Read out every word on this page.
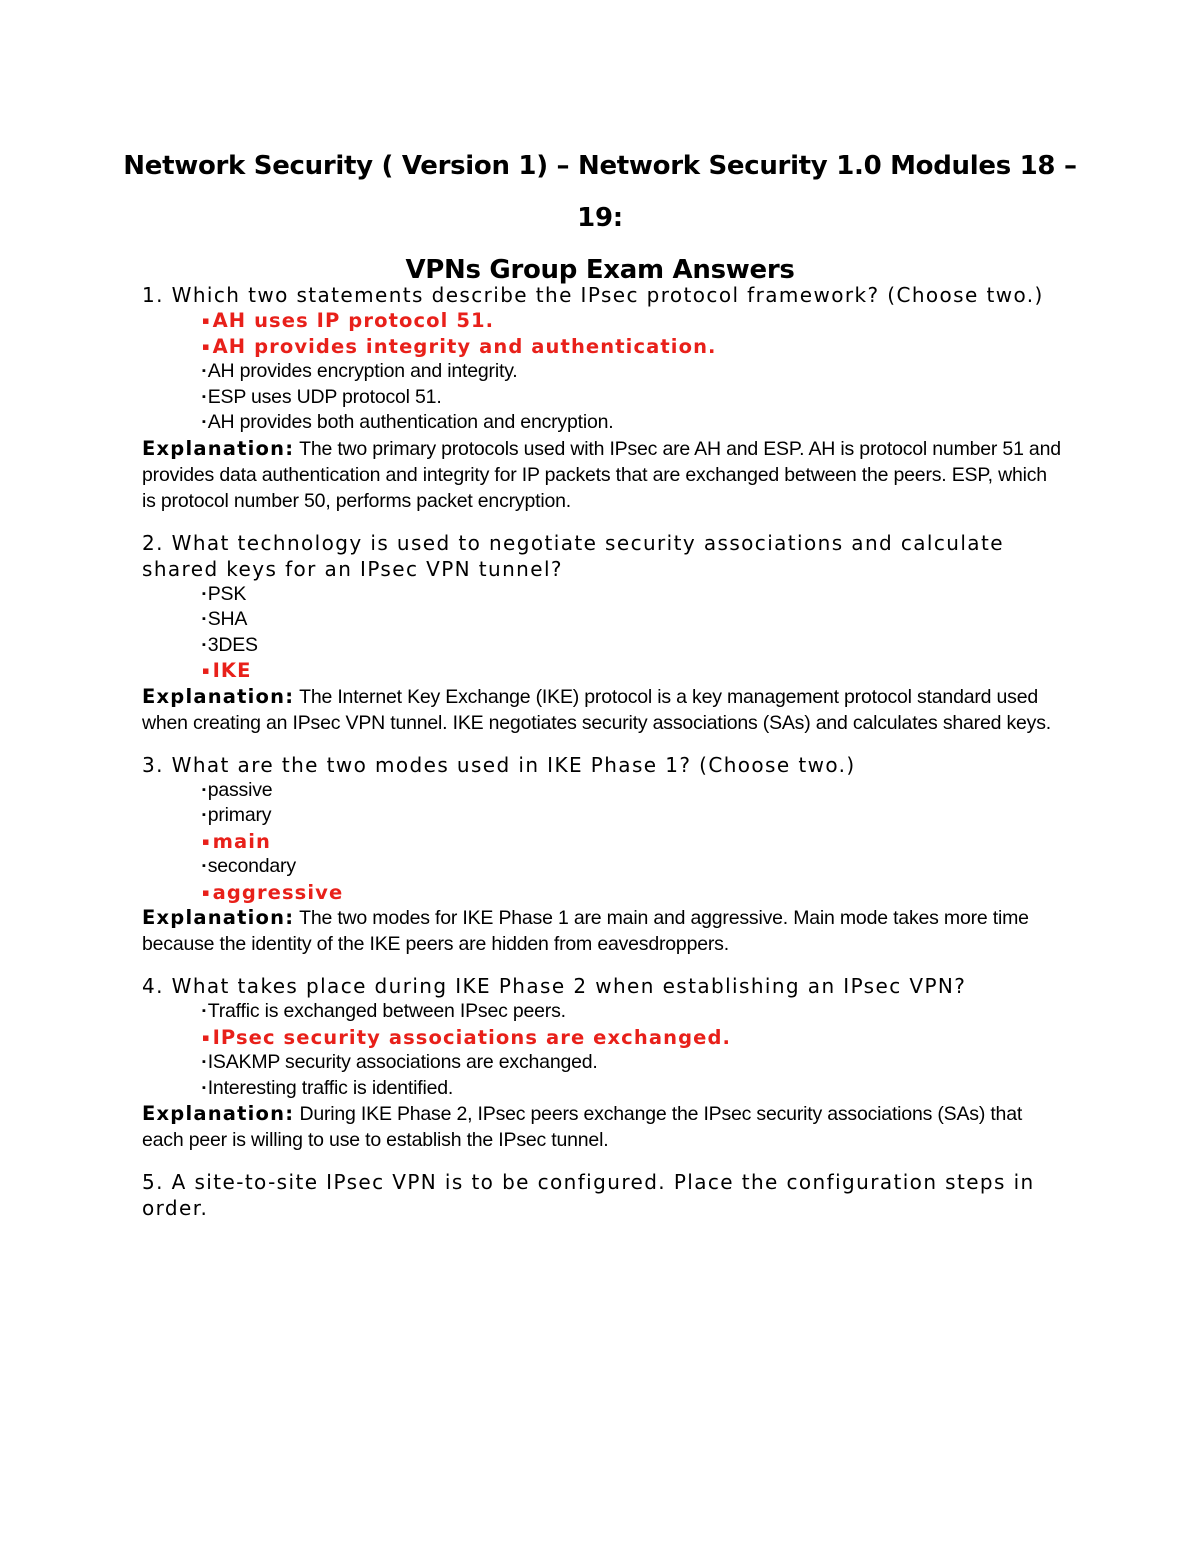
Network Security ( Version 1) – Network Security 1.0 Modules 18 – 19:
VPNs Group Exam Answers

1. Which two statements describe the IPsec protocol framework? (Choose two.)

▪ AH uses IP protocol 51.
▪ AH provides integrity and authentication.
▪ AH provides encryption and integrity.
▪ ESP uses UDP protocol 51.
▪ AH provides both authentication and encryption.

Explanation: The two primary protocols used with IPsec are AH and ESP. AH is protocol number 51 and provides data authentication and integrity for IP packets that are exchanged between the peers. ESP, which is protocol number 50, performs packet encryption.

2. What technology is used to negotiate security associations and calculate shared keys for an IPsec VPN tunnel?

▪ PSK
▪ SHA
▪ 3DES
▪ IKE

Explanation: The Internet Key Exchange (IKE) protocol is a key management protocol standard used when creating an IPsec VPN tunnel. IKE negotiates security associations (SAs) and calculates shared keys.

3. What are the two modes used in IKE Phase 1? (Choose two.)

▪ passive
▪ primary
▪ main
▪ secondary
▪ aggressive

Explanation: The two modes for IKE Phase 1 are main and aggressive. Main mode takes more time because the identity of the IKE peers are hidden from eavesdroppers.

4. What takes place during IKE Phase 2 when establishing an IPsec VPN?

▪ Traffic is exchanged between IPsec peers.
▪ IPsec security associations are exchanged.
▪ ISAKMP security associations are exchanged.
▪ Interesting traffic is identified.

Explanation: During IKE Phase 2, IPsec peers exchange the IPsec security associations (SAs) that each peer is willing to use to establish the IPsec tunnel.

5. A site-to-site IPsec VPN is to be configured. Place the configuration steps in order.
